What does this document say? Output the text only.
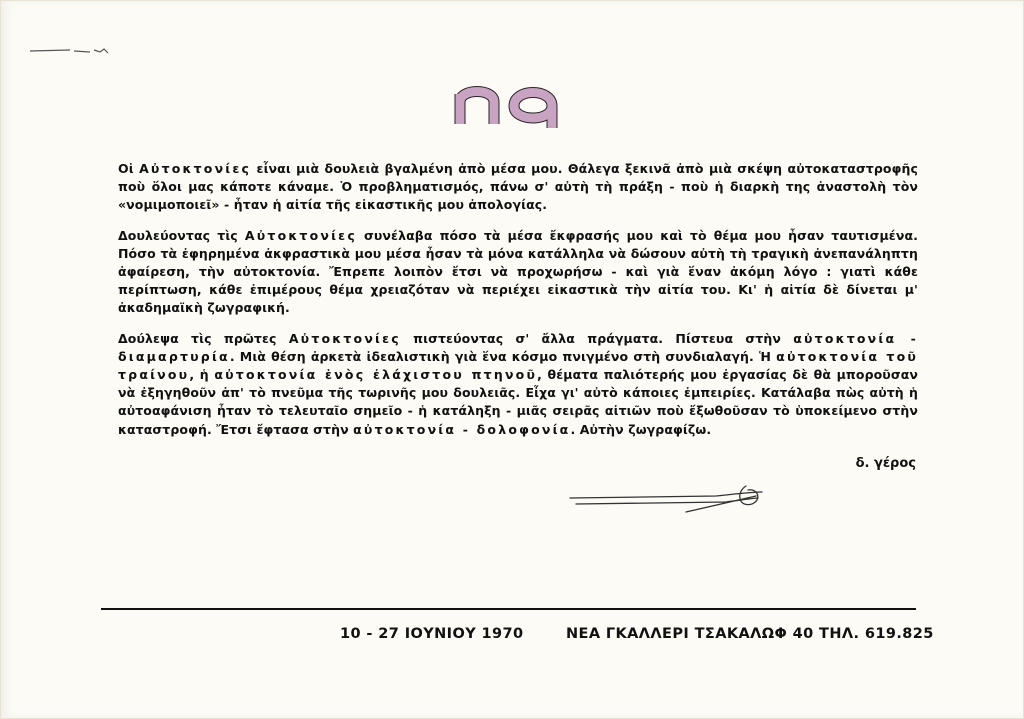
Οἱ Αὐτοκτονίες εἶναι μιὰ δουλειὰ βγαλμένη ἀπὸ μέσα μου. Θάλεγα ξεκινᾶ ἀπὸ μιὰ σκέψη αὐτοκαταστροφῆς ποὺ ὅλοι μας κάποτε κάναμε. Ὁ προβληματισμός, πάνω σ' αὐτὴ τὴ πράξη - ποὺ ἡ διαρκὴ της ἀναστολὴ τὸν «νομιμοποιεῖ» - ἦταν ἡ αἰτία τῆς εἰκαστικῆς μου ἀπολογίας.

Δουλεύοντας τὶς Αὐτοκτονίες συνέλαβα πόσο τὰ μέσα ἔκφρασής μου καὶ τὸ θέμα μου ἦσαν ταυτισμένα. Πόσο τὰ ἐφηρημένα ἀκφραστικὰ μου μέσα ἦσαν τὰ μόνα κατάλληλα νὰ δώσουν αὐτὴ τὴ τραγικὴ ἀνεπανάληπτη ἀφαίρεση, τὴν αὐτοκτονία. Ἔπρεπε λοιπὸν ἔτσι νὰ προχωρήσω - καὶ γιὰ ἕναν ἀκόμη λόγο : γιατὶ κάθε περίπτωση, κάθε ἐπιμέρους θέμα χρειαζόταν νὰ περιέχει εἰκαστικὰ τὴν αἰτία του. Κι' ἡ αἰτία δὲ δίνεται μ' ἀκαδημαϊκὴ ζωγραφική.

Δούλεψα τὶς πρῶτες Αὐτοκτονίες πιστεύοντας σ' ἄλλα πράγματα. Πίστευα στὴν αὐτοκτονία - διαμαρτυρία. Μιὰ θέση ἀρκετὰ ἰδεαλιστικὴ γιὰ ἕνα κόσμο πνιγμένο στὴ συνδιαλαγή. Ἡ αὐτοκτονία τοῦ τραίνου, ἡ αὐτοκτονία ἑνὸς ἐλάχιστου πτηνοῦ, θέματα παλιότερής μου ἐργασίας δὲ θὰ μποροῦσαν νὰ ἐξηγηθοῦν ἀπ' τὸ πνεῦμα τῆς τωρινῆς μου δουλειᾶς. Εἶχα γι' αὐτὸ κάποιες ἐμπειρίες. Κατάλαβα πὼς αὐτὴ ἡ αὐτοαφάνιση ἦταν τὸ τελευταῖο σημεῖο - ἡ κατάληξη - μιᾶς σειρᾶς αἰτιῶν ποὺ ἔξωθοῦσαν τὸ ὑποκείμενο στὴν καταστροφή. Ἔτσι ἔφτασα στὴν αὐτοκτονία - δολοφονία. Αὐτὴν ζωγραφίζω.

δ. γέρος
10 - 27 ΙΟΥΝΙΟΥ 1970	ΝΕΑ ΓΚΑΛΛΕΡΙ ΤΣΑΚΑΛΩΦ 40 ΤΗΛ. 619.825
